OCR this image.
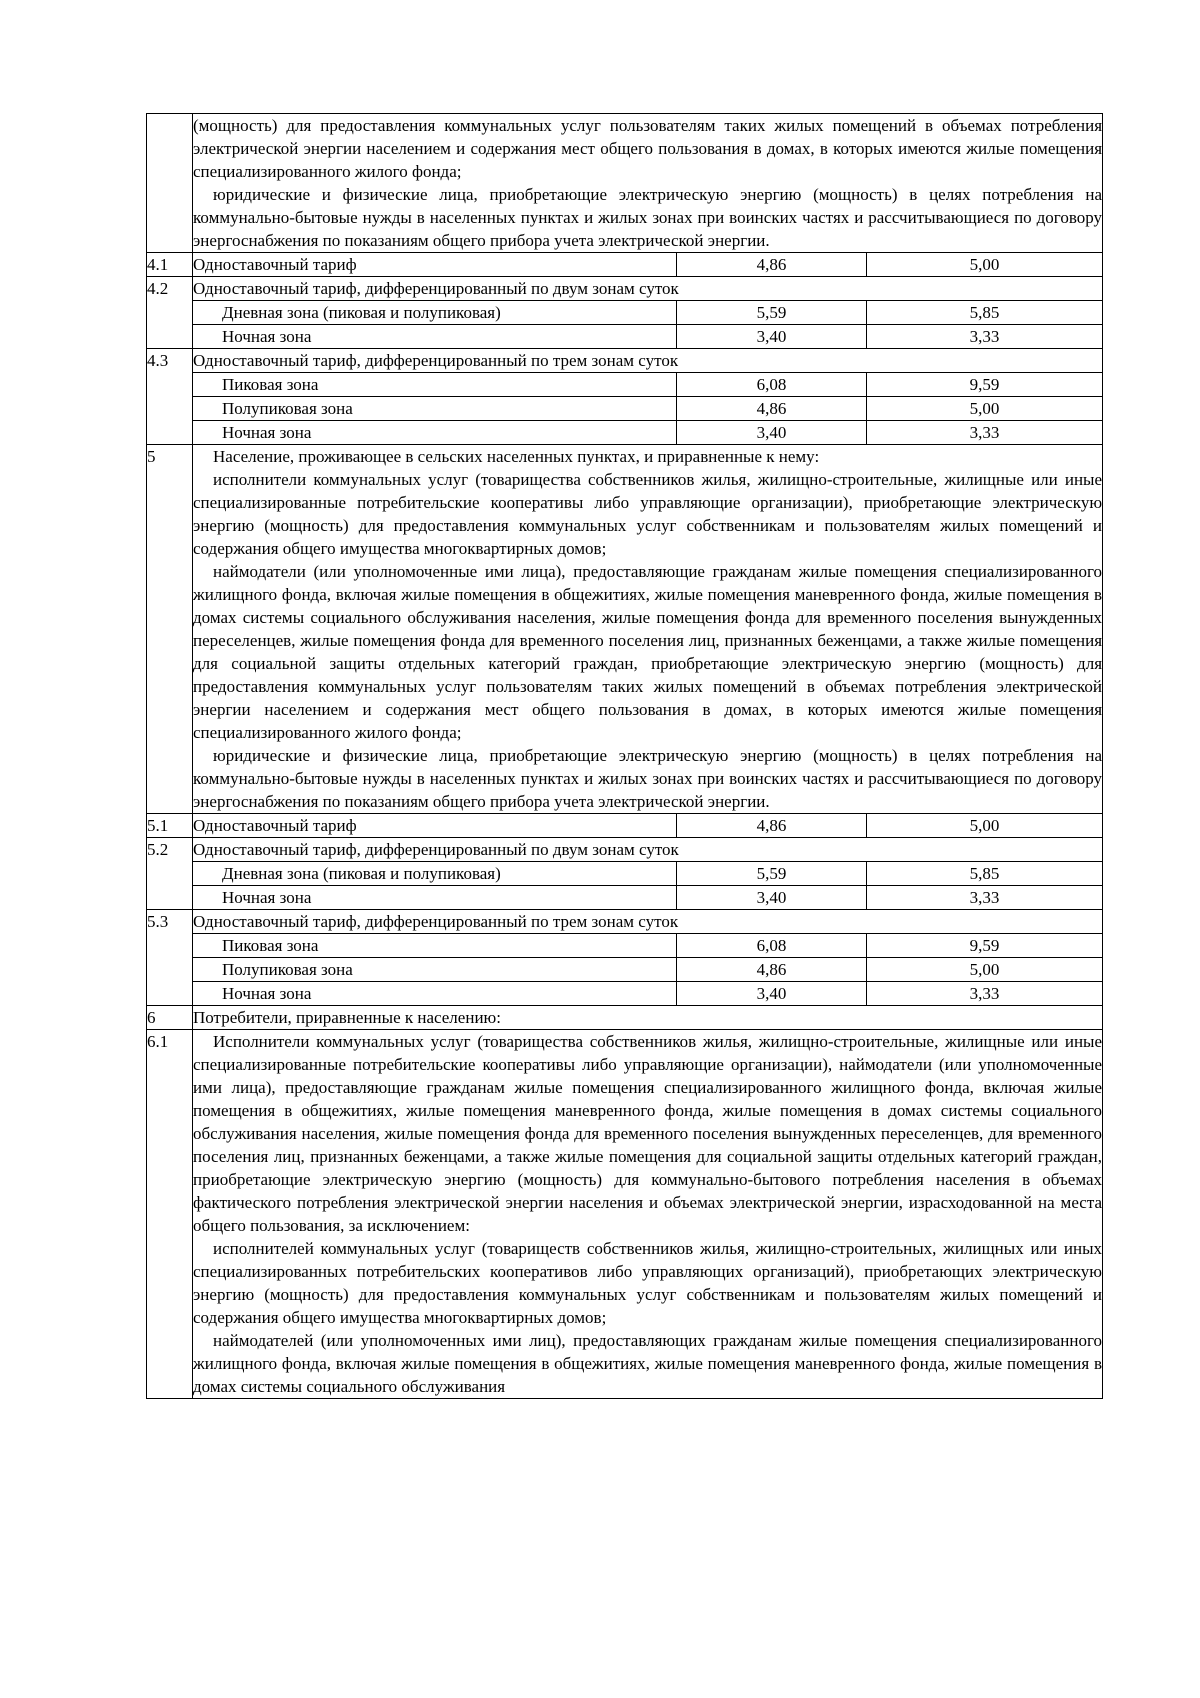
	(мощность) для предоставления коммунальных услуг пользователям таких жилых помещений в объемах потребления электрической энергии населением и содержания мест общего пользования в домах, в которых имеются жилые помещения специализированного жилого фонда;

юридические и физические лица, приобретающие электрическую энергию (мощность) в целях потребления на коммунально-бытовые нужды в населенных пунктах и жилых зонах при воинских частях и рассчитывающиеся по договору энергоснабжения по показаниям общего прибора учета электрической энергии.		

4.1	Одноставочный тариф	4,86	5,00
4.2	Одноставочный тариф, дифференцированный по двум зонам суток		
	Дневная зона (пиковая и полупиковая)	5,59	5,85
	Ночная зона	3,40	3,33
4.3	Одноставочный тариф, дифференцированный по трем зонам суток		
	Пиковая зона	6,08	9,59
	Полупиковая зона	4,86	5,00
	Ночная зона	3,40	3,33
5	Население, проживающее в сельских населенных пунктах, и приравненные к нему:

исполнители коммунальных услуг (товарищества собственников жилья, жилищно-строительные, жилищные или иные специализированные потребительские кооперативы либо управляющие организации), приобретающие электрическую энергию (мощность) для предоставления коммунальных услуг собственникам и пользователям жилых помещений и содержания общего имущества многоквартирных домов;

наймодатели (или уполномоченные ими лица), предоставляющие гражданам жилые помещения специализированного жилищного фонда, включая жилые помещения в общежитиях, жилые помещения маневренного фонда, жилые помещения в домах системы социального обслуживания населения, жилые помещения фонда для временного поселения вынужденных переселенцев, жилые помещения фонда для временного поселения лиц, признанных беженцами, а также жилые помещения для социальной защиты отдельных категорий граждан, приобретающие электрическую энергию (мощность) для предоставления коммунальных услуг пользователям таких жилых помещений в объемах потребления электрической энергии населением и содержания мест общего пользования в домах, в которых имеются жилые помещения специализированного жилого фонда;

юридические и физические лица, приобретающие электрическую энергию (мощность) в целях потребления на коммунально-бытовые нужды в населенных пунктах и жилых зонах при воинских частях и рассчитывающиеся по договору энергоснабжения по показаниям общего прибора учета электрической энергии.		

5.1	Одноставочный тариф	4,86	5,00
5.2	Одноставочный тариф, дифференцированный по двум зонам суток		
	Дневная зона (пиковая и полупиковая)	5,59	5,85
	Ночная зона	3,40	3,33
5.3	Одноставочный тариф, дифференцированный по трем зонам суток		
	Пиковая зона	6,08	9,59
	Полупиковая зона	4,86	5,00
	Ночная зона	3,40	3,33
6	Потребители, приравненные к населению:		
6.1	Исполнители коммунальных услуг (товарищества собственников жилья, жилищно-строительные, жилищные или иные специализированные потребительские кооперативы либо управляющие организации), наймодатели (или уполномоченные ими лица), предоставляющие гражданам жилые помещения специализированного жилищного фонда, включая жилые помещения в общежитиях, жилые помещения маневренного фонда, жилые помещения в домах системы социального обслуживания населения, жилые помещения фонда для временного поселения вынужденных переселенцев, для временного поселения лиц, признанных беженцами, а также жилые помещения для социальной защиты отдельных категорий граждан, приобретающие электрическую энергию (мощность) для коммунально-бытового потребления населения в объемах фактического потребления электрической энергии населения и объемах электрической энергии, израсходованной на места общего пользования, за исключением:

исполнителей коммунальных услуг (товариществ собственников жилья, жилищно-строительных, жилищных или иных специализированных потребительских кооперативов либо управляющих организаций), приобретающих электрическую энергию (мощность) для предоставления коммунальных услуг собственникам и пользователям жилых помещений и содержания общего имущества многоквартирных домов;

наймодателей (или уполномоченных ими лиц), предоставляющих гражданам жилые помещения специализированного жилищного фонда, включая жилые помещения в общежитиях, жилые помещения маневренного фонда, жилые помещения в домах системы социального обслуживания		
